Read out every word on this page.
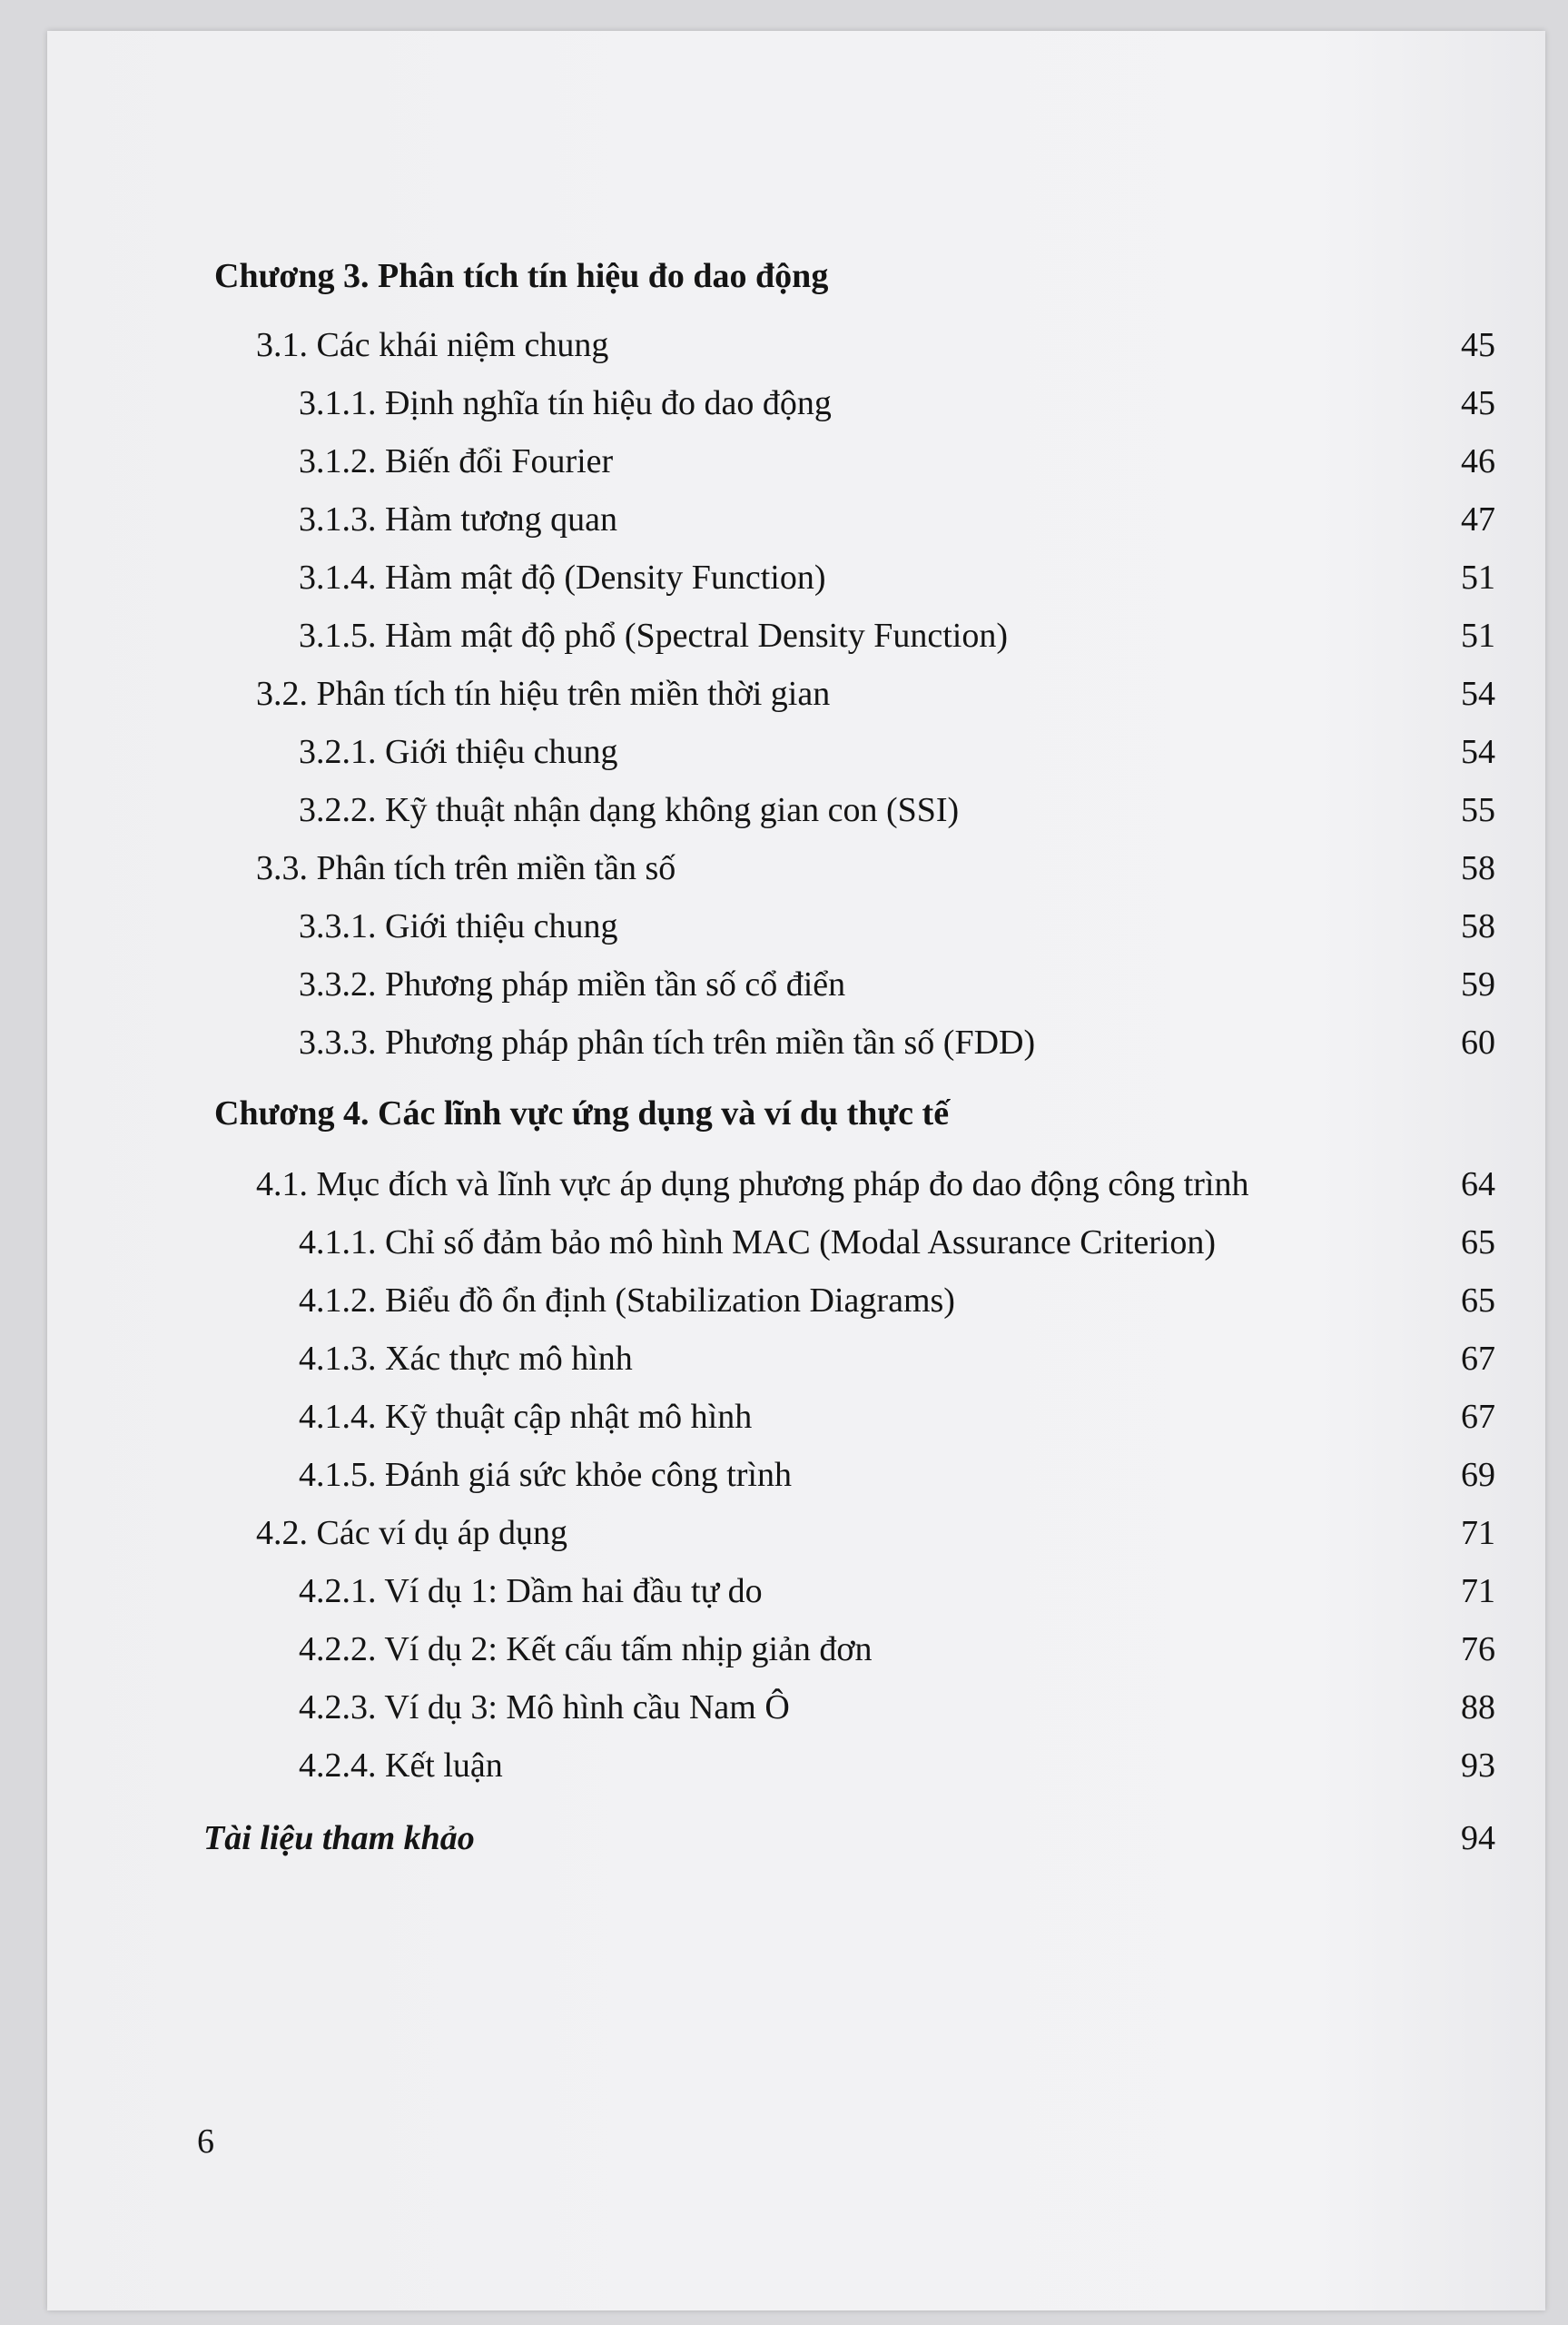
Chương 3. Phân tích tín hiệu đo dao động
3.1. Các khái niệm chung	45
3.1.1. Định nghĩa tín hiệu đo dao động	45
3.1.2. Biến đổi Fourier	46
3.1.3. Hàm tương quan	47
3.1.4. Hàm mật độ (Density Function)	51
3.1.5. Hàm mật độ phổ (Spectral Density Function)	51
3.2. Phân tích tín hiệu trên miền thời gian	54
3.2.1. Giới thiệu chung	54
3.2.2. Kỹ thuật nhận dạng không gian con (SSI)	55
3.3. Phân tích trên miền tần số	58
3.3.1. Giới thiệu chung	58
3.3.2. Phương pháp miền tần số cổ điển	59
3.3.3. Phương pháp phân tích trên miền tần số (FDD)	60
Chương 4. Các lĩnh vực ứng dụng và ví dụ thực tế
4.1. Mục đích và lĩnh vực áp dụng phương pháp đo dao động công trình	64
4.1.1. Chỉ số đảm bảo mô hình MAC (Modal Assurance Criterion)	65
4.1.2. Biểu đồ ổn định (Stabilization Diagrams)	65
4.1.3. Xác thực mô hình	67
4.1.4. Kỹ thuật cập nhật mô hình	67
4.1.5. Đánh giá sức khỏe công trình	69
4.2. Các ví dụ áp dụng	71
4.2.1. Ví dụ 1: Dầm hai đầu tự do	71
4.2.2. Ví dụ 2: Kết cấu tấm nhịp giản đơn	76
4.2.3. Ví dụ 3: Mô hình cầu Nam Ô	88
4.2.4. Kết luận	93
Tài liệu tham khảo	94
6
